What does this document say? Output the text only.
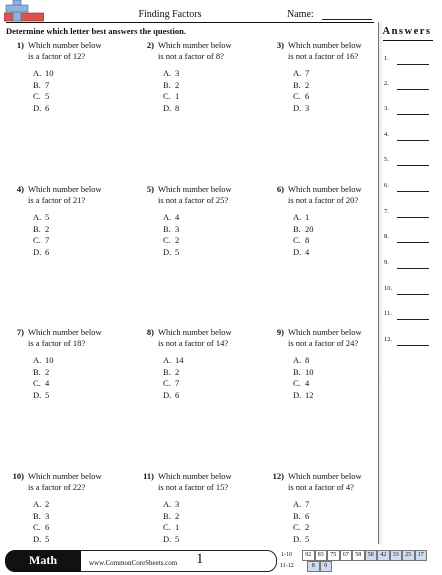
Finding Factors	Name:
Determine which letter best answers the question.	Answers
1.
2.
3.
4.
5.
6.
7.
8.
9.
10.
11.
12.
1) Which number below
is a factor of 12?
A. 10
B. 7
C. 5
D. 6
2) Which number below
is not a factor of 8?
A. 3
B. 2
C. 1
D. 8
3) Which number below
is not a factor of 16?
A. 7
B. 2
C. 6
D. 3
4) Which number below
is a factor of 21?
A. 5
B. 2
C. 7
D. 6
5) Which number below
is not a factor of 25?
A. 4
B. 3
C. 2
D. 5
6) Which number below
is not a factor of 20?
A. 1
B. 20
C. 8
D. 4
7) Which number below
is a factor of 18?
A. 10
B. 2
C. 4
D. 5
8) Which number below
is not a factor of 14?
A. 14
B. 2
C. 7
D. 6
9) Which number below
is not a factor of 24?
A. 8
B. 10
C. 4
D. 12
10) Which number below
is a factor of 22?
A. 2
B. 3
C. 6
D. 5
11) Which number below
is not a factor of 15?
A. 3
B. 2
C. 1
D. 5
12) Which number below
is not a factor of 4?
A. 7
B. 6
C. 2
D. 5
Math	www.CommonCoreSheets.com 1	1-10
11-12
92	83	75	67	58	50	42	33	25	17
8	0
